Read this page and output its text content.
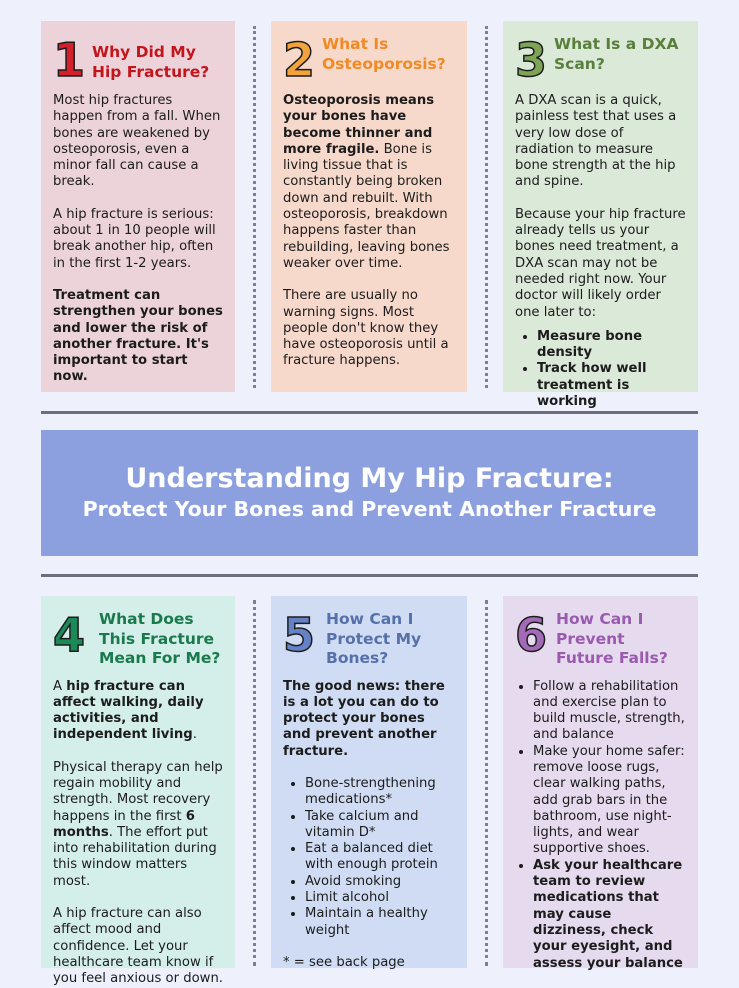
1 Why Did My Hip Fracture?

Most hip fractures happen from a fall. When bones are weakened by osteoporosis, even a minor fall can cause a break.

A hip fracture is serious: about 1 in 10 people will break another hip, often in the first 1-2 years.

Treatment can strengthen your bones and lower the risk of another fracture. It's important to start now.

2 What Is Osteoporosis?

Osteoporosis means your bones have become thinner and more fragile. Bone is living tissue that is constantly being broken down and rebuilt. With osteoporosis, breakdown happens faster than rebuilding, leaving bones weaker over time.

There are usually no warning signs. Most people don't know they have osteoporosis until a fracture happens.

3 What Is a DXA Scan?

A DXA scan is a quick, painless test that uses a very low dose of radiation to measure bone strength at the hip and spine.

Because your hip fracture already tells us your bones need treatment, a DXA scan may not be needed right now. Your doctor will likely order one later to:

• Measure bone density
• Track how well treatment is working
Understanding My Hip Fracture:
Protect Your Bones and Prevent Another Fracture
4 What Does This Fracture Mean For Me?

A hip fracture can affect walking, daily activities, and independent living.

Physical therapy can help regain mobility and strength. Most recovery happens in the first 6 months. The effort put into rehabilitation during this window matters most.

A hip fracture can also affect mood and confidence. Let your healthcare team know if you feel anxious or down.

5 How Can I Protect My Bones?

The good news: there is a lot you can do to protect your bones and prevent another fracture.

• Bone-strengthening medications*
• Take calcium and vitamin D*
• Eat a balanced diet with enough protein
• Avoid smoking
• Limit alcohol
• Maintain a healthy weight

* = see back page

6 How Can I Prevent Future Falls?
• Follow a rehabilitation and exercise plan to build muscle, strength, and balance
• Make your home safer: remove loose rugs, clear walking paths, add grab bars in the bathroom, use night-lights, and wear supportive shoes.
• Ask your healthcare team to review medications that may cause dizziness, check your eyesight, and assess your balance
